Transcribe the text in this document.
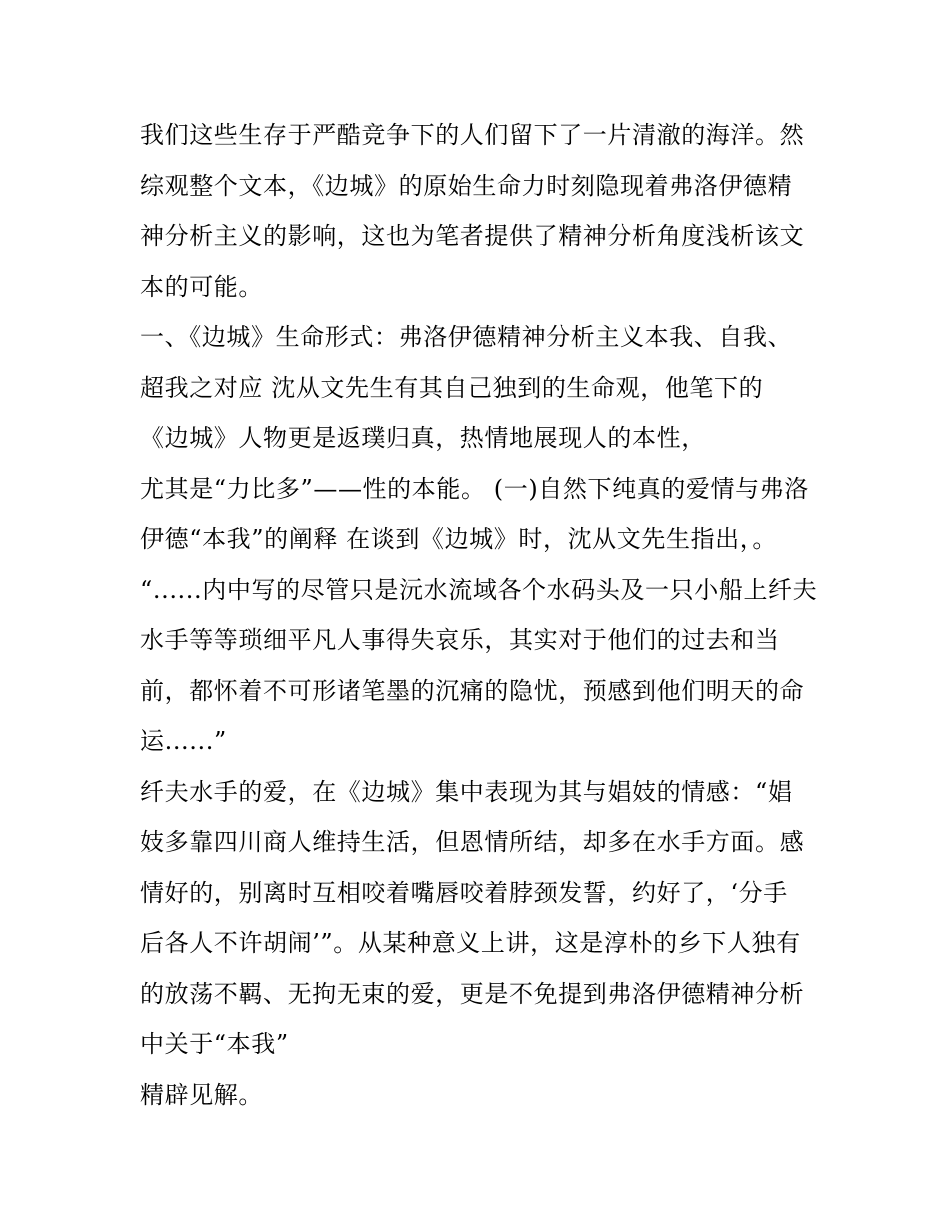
我们这些生存于严酷竞争下的人们留下了一片清澈的海洋。然
综观整个文本，《边城》的原始生命力时刻隐现着弗洛伊德精
神分析主义的影响，这也为笔者提供了精神分析角度浅析该文
本的可能。
一、《边城》生命形式：弗洛伊德精神分析主义本我、自我、
超我之对应 沈从文先生有其自己独到的生命观，他笔下的
《边城》人物更是返璞归真，热情地展现人的本性，
尤其是“力比多”——性的本能。 (一)自然下纯真的爱情与弗洛
伊德“本我”的阐释 在谈到《边城》时，沈从文先生指出，。
“......内中写的尽管只是沅水流域各个水码头及一只小船上纤夫
水手等等琐细平凡人事得失哀乐，其实对于他们的过去和当
前，都怀着不可形诸笔墨的沉痛的隐忧，预感到他们明天的命
运......”
纤夫水手的爱，在《边城》集中表现为其与娼妓的情感：“娼
妓多靠四川商人维持生活，但恩情所结，却多在水手方面。感
情好的，别离时互相咬着嘴唇咬着脖颈发誓，约好了，‘分手
后各人不许胡闹’”。从某种意义上讲，这是淳朴的乡下人独有
的放荡不羁、无拘无束的爱，更是不免提到弗洛伊德精神分析
中关于“本我”
精辟见解。
